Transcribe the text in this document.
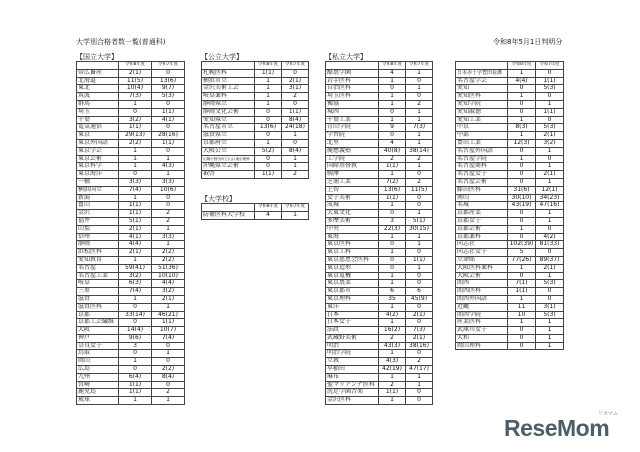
大学別合格者数一覧(普通科)	令和8年5月1日判明分
【国立大学】
令和8年度	令和7年度
帯広畜産	2(1)	0
北海道	11(5)	13(6)
東北	10(4)	9(7)
筑波	7(3)	5(3)
群馬	1	0
埼玉	0	1(1)
千葉	3(2)	4(1)
電気通信	1(1)	0
東京	29(13)	28(16)
東京外国語	2(2)	1(1)
東京学芸	1	0
東京芸術	1	1
東京科学	1	4(3)
東京海洋	0	1
一橋	3(3)	3(3)
横浜国立	7(4)	10(6)
新潟	1	0
富山	1(1)	0
金沢	1(1)	2
福井	5(1)	2
山梨	2(1)	1
信州	4(1)	3(3)
静岡	4(4)	1
浜松医科	2(1)	2(2)
愛知教育	1	2(2)
名古屋	59(41)	51(36)
名古屋工業	3(2)	10(10)
岐阜	6(3)	4(4)
三重	7(4)	3(2)
滋賀	1	2(1)
滋賀医科	0	1
京都	33(14)	46(21)
京都工芸繊維	0	1(1)
大阪	14(4)	10(7)
神戸	9(6)	7(4)
奈良女子	3	0
鳥取	0	1
岡山	1	0
広島	0	2(2)
九州	6(4)	8(4)
宮崎	1(1)	0
鹿児島	1(1)	2
琉球	1	1
【公立大学】
令和8年度	令和7年度
札幌医科	1(1)	0
横浜市立	1	2(1)
金沢美術工芸	1	3(1)
岐阜薬科	1	2
静岡県立	1	0
静岡文化芸術	0	1(1)
愛知県立	0	8(4)
名古屋市立	13(6)	24(18)
滋賀県立	0	1
京都府立	1	0
大阪公立	5(2)	8(4)
山陽小野田市立山口東京理科	0	1
沖縄県立芸術	0	1
叡啓	1(1)	2
【大学校】
令和8年度	令和7年度
防衛医科大学校	4	1
【私立大学】
令和8年度	令和7年度
酪農学園	4	1
岩手医科	1	0
自治医科	0	1
埼玉医科	1	0
獨協	1	2
城西	0	1
千葉工業	1	1
青山学院	9	7(3)
学習院	0	1
北里	4	1
慶應義塾	40(8)	38(14)
工学院	2	2
国際基督教	1(1)	1
駒澤	1	0
芝浦工業	7(2)	2
上智	13(6)	11(5)
女子美術	1(1)	0
成城	1	0
大東文化	0	1
多摩美術	3	5(1)
中央	22(3)	30(15)
東海	1	1
東京医科	0	1
東京工科	1	0
東京慈恵会医科	0	1(1)
東京造形	0	1
東京電機	1	0
東京農業	1	0
東京都市	6	6
東京理科	35	45(9)
東洋	1	0
日本	4(2)	2(1)
日本女子	1	0
法政	16(2)	7(3)
武蔵野美術	2	2(1)
明治	43(3)	38(16)
明治学院	1	0
立教	4(3)	2
早稲田	42(19)	47(17)
麻布	1	1
聖マリアンナ医科	2	1
洗足学園音楽	1(1)	0
金沢医科	1	0
令和8年度	令和7年度
日本赤十字豊田看護	1	0
名古屋学芸	4(4)	1(1)
愛知	0	5(3)
愛知医科	1	0
愛知学院	0	1
愛知淑徳	0	1(1)
愛知工業	1	0
中京	8(3)	5(3)
中部	1	2(1)
豊田工業	12(3)	3(2)
名古屋外国語	0	1
名古屋学院	1	0
名古屋商科	0	1
名古屋女子	0	2(1)
名古屋芸術	0	1
藤田医科	31(6)	12(1)
南山	30(10)	34(23)
名城	43(19)	47(16)
京都産業	0	1
京都女子	0	1
京都芸術	1	0
京都薬科	0	4(2)
同志社	102(39)	81(33)
同志社女子	5	0
立命館	77(26)	89(37)
大阪医科薬科	1	2(1)
大阪芸術	0	1
関西	7(1)	5(3)
関西医科	1(1)	0
関西外国語	1	0
近畿	11	3(1)
関西学院	10	5(3)
産業医科	1	1
武庫川女子	0	1
大和	0	1
岡山理科	0	1
リセマム
ReseMom
